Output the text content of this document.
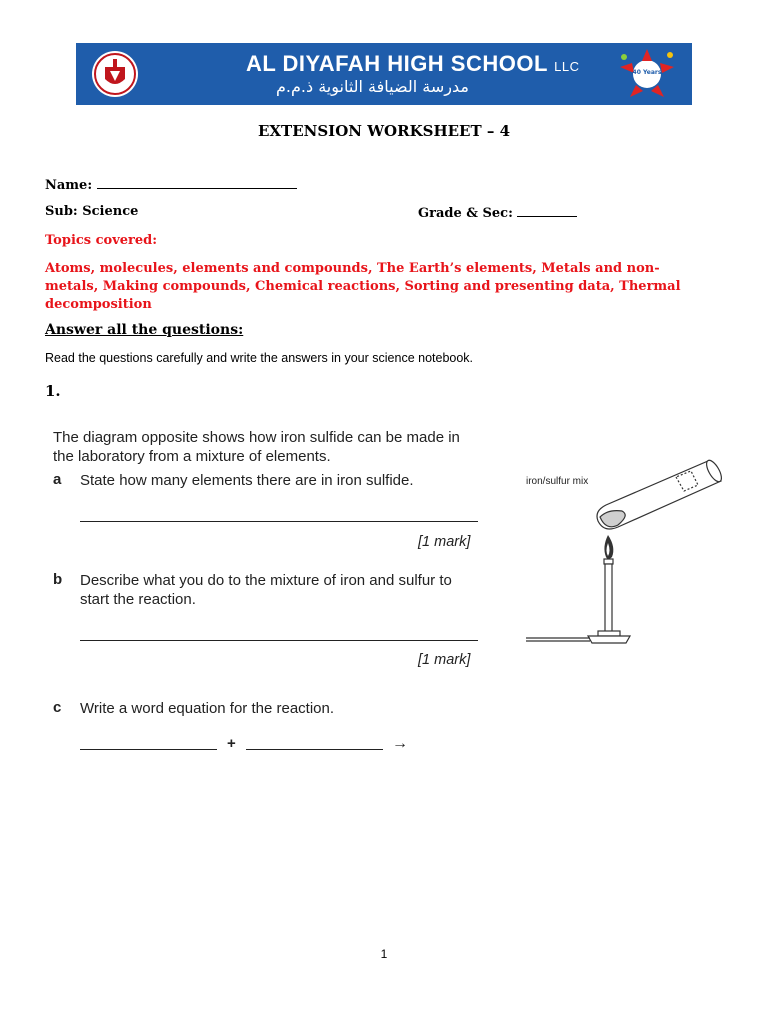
AL DIYAFAH HIGH SCHOOL LLC
مدرسة الضيافة الثانوية ذ.م.م
40 Years
EXTENSION WORKSHEET – 4
Name:
Sub: Science	Grade & Sec:
Topics covered:
Atoms, molecules, elements and compounds, The Earth’s elements, Metals and non-metals, Making compounds, Chemical reactions, Sorting and presenting data, Thermal decomposition
Answer all the questions:
Read the questions carefully and write the answers in your science notebook.
1.
The diagram opposite shows how iron sulfide can be made in the laboratory from a mixture of elements.
a State how many elements there are in iron sulfide.
[1 mark]
b Describe what you do to the mixture of iron and sulfur to start the reaction.
[1 mark]
c Write a word equation for the reaction.
+	→
iron/sulfur mix
1
